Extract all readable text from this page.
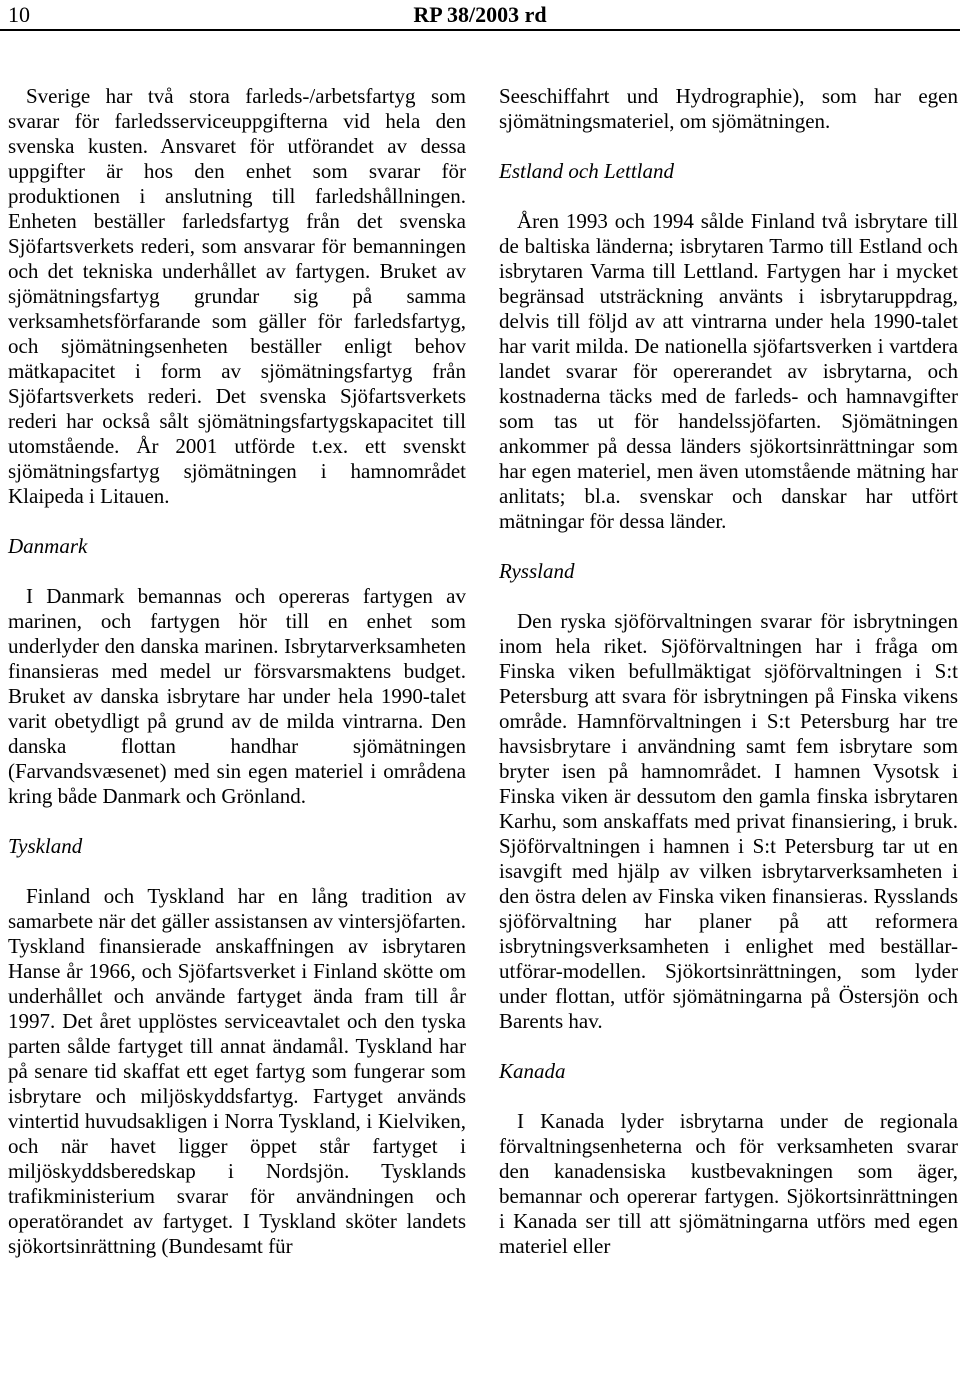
10	RP 38/2003 rd

Sverige har två stora farleds-/arbetsfartyg som svarar för farledsserviceuppgifterna vid hela den svenska kusten. Ansvaret för utförandet av dessa uppgifter är hos den enhet som svarar för produktionen i anslutning till farledshållningen. Enheten beställer farledsfartyg från det svenska Sjöfartsverkets rederi, som ansvarar för bemanningen och det tekniska underhållet av fartygen. Bruket av sjömätningsfartyg grundar sig på samma verksamhetsförfarande som gäller för farledsfartyg, och sjömätningsenheten beställer enligt behov mätkapacitet i form av sjömätningsfartyg från Sjöfartsverkets rederi. Det svenska Sjöfartsverkets rederi har också sålt sjömätningsfartygskapacitet till utomstående. År 2001 utförde t.ex. ett svenskt sjömätningsfartyg sjömätningen i hamnområdet Klaipeda i Litauen.

Danmark

I Danmark bemannas och opereras fartygen av marinen, och fartygen hör till en enhet som underlyder den danska marinen. Isbrytarverksamheten finansieras med medel ur försvarsmaktens budget. Bruket av danska isbrytare har under hela 1990-talet varit obetydligt på grund av de milda vintrarna. Den danska flottan handhar sjömätningen (Farvandsvæsenet) med sin egen materiel i områdena kring både Danmark och Grönland.

Tyskland

Finland och Tyskland har en lång tradition av samarbete när det gäller assistansen av vintersjöfarten. Tyskland finansierade anskaffningen av isbrytaren Hanse år 1966, och Sjöfartsverket i Finland skötte om underhållet och använde fartyget ända fram till år 1997. Det året upplöstes serviceavtalet och den tyska parten sålde fartyget till annat ändamål. Tyskland har på senare tid skaffat ett eget fartyg som fungerar som isbrytare och miljöskyddsfartyg. Fartyget används vintertid huvudsakligen i Norra Tyskland, i Kielviken, och när havet ligger öppet står fartyget i miljöskyddsberedskap i Nordsjön. Tysklands trafikministerium svarar för användningen och operatörandet av fartyget. I Tyskland sköter landets sjökortsinrättning (Bundesamt für

Seeschiffahrt und Hydrographie), som har egen sjömätningsmateriel, om sjömätningen.

Estland och Lettland

Åren 1993 och 1994 sålde Finland två isbrytare till de baltiska länderna; isbrytaren Tarmo till Estland och isbrytaren Varma till Lettland. Fartygen har i mycket begränsad utsträckning använts i isbrytaruppdrag, delvis till följd av att vintrarna under hela 1990-talet har varit milda. De nationella sjöfartsverken i vartdera landet svarar för opererandet av isbrytarna, och kostnaderna täcks med de farleds- och hamnavgifter som tas ut för handelssjöfarten. Sjömätningen ankommer på dessa länders sjökortsinrättningar som har egen materiel, men även utomstående mätning har anlitats; bl.a. svenskar och danskar har utfört mätningar för dessa länder.

Ryssland

Den ryska sjöförvaltningen svarar för isbrytningen inom hela riket. Sjöförvaltningen har i fråga om Finska viken befullmäktigat sjöförvaltningen i S:t Petersburg att svara för isbrytningen på Finska vikens område. Hamnförvaltningen i S:t Petersburg har tre havsisbrytare i användning samt fem isbrytare som bryter isen på hamnområdet. I hamnen Vysotsk i Finska viken är dessutom den gamla finska isbrytaren Karhu, som anskaffats med privat finansiering, i bruk. Sjöförvaltningen i hamnen i S:t Petersburg tar ut en isavgift med hjälp av vilken isbrytarverksamheten i den östra delen av Finska viken finansieras. Rysslands sjöförvaltning har planer på att reformera isbrytningsverksamheten i enlighet med beställar-utförar-modellen. Sjökortsinrättningen, som lyder under flottan, utför sjömätningarna på Östersjön och Barents hav.

Kanada

I Kanada lyder isbrytarna under de regionala förvaltningsenheterna och för verksamheten svarar den kanadensiska kustbevakningen som äger, bemannar och opererar fartygen. Sjökortsinrättningen i Kanada ser till att sjömätningarna utförs med egen materiel eller
